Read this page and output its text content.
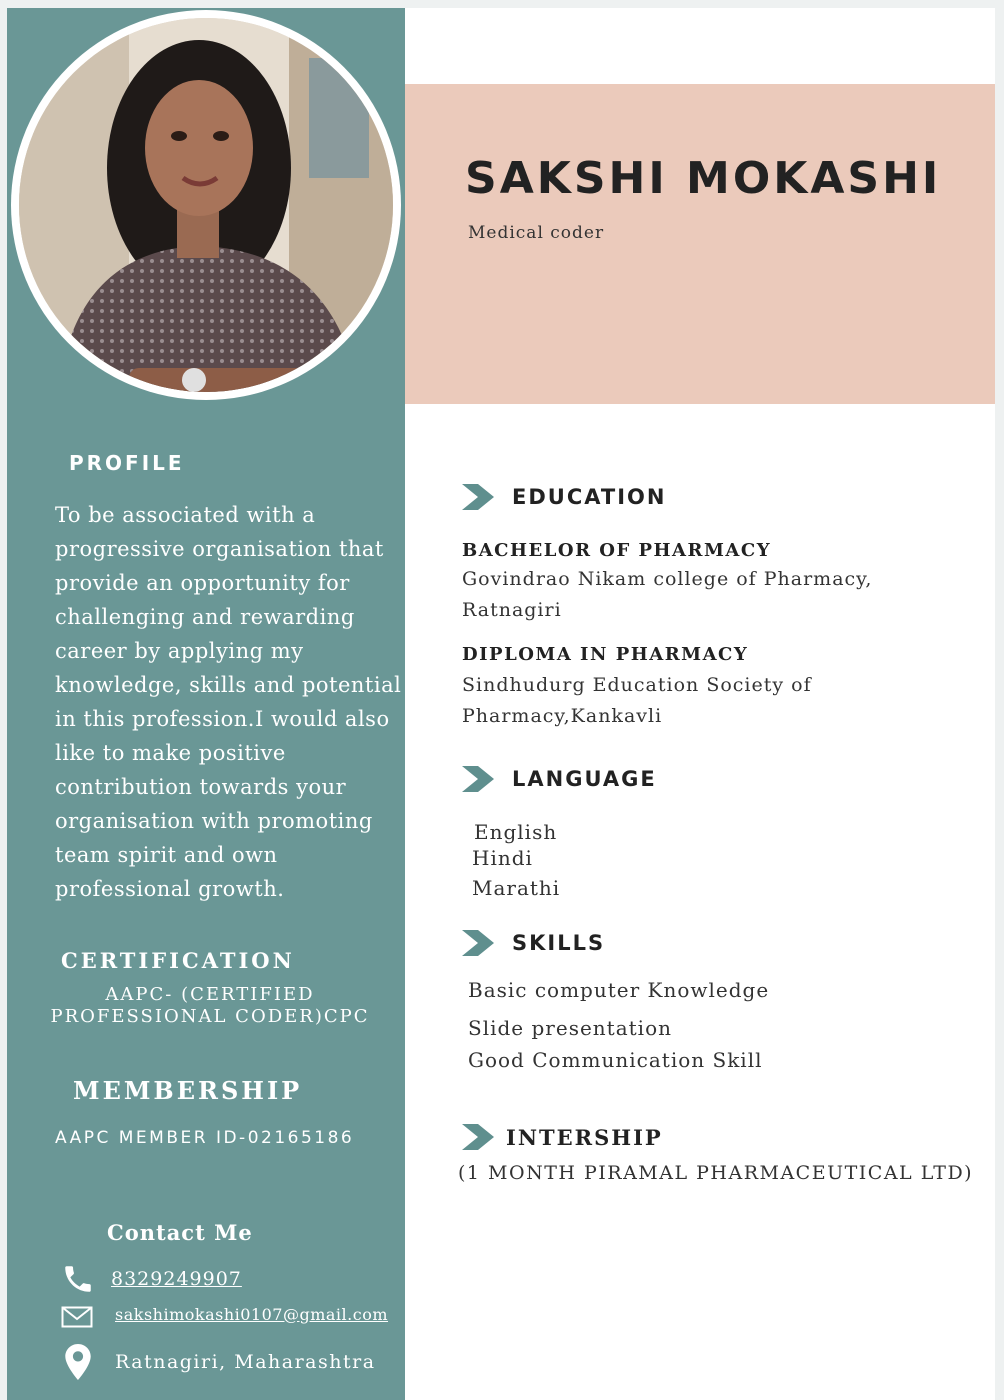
SAKSHI MOKASHI
Medical coder
PROFILE

To be associated with a progressive organisation that provide an opportunity for challenging and rewarding career by applying my knowledge, skills and potential in this profession.I would also like to make positive contribution towards your organisation with promoting team spirit and own professional growth.

CERTIFICATION
AAPC- (CERTIFIED
PROFESSIONAL CODER)CPC
MEMBERSHIP
AAPC MEMBER ID-02165186
Contact Me
8329249907
sakshimokashi0107@gmail.com
Ratnagiri, Maharashtra
EDUCATION
BACHELOR OF PHARMACY
Govindrao Nikam college of Pharmacy, Ratnagiri
DIPLOMA IN PHARMACY
Sindhudurg Education Society of Pharmacy,Kankavli
LANGUAGE
English
Hindi
Marathi
SKILLS
Basic computer Knowledge
Slide presentation
Good Communication Skill
INTERSHIP
(1 MONTH PIRAMAL PHARMACEUTICAL LTD)
